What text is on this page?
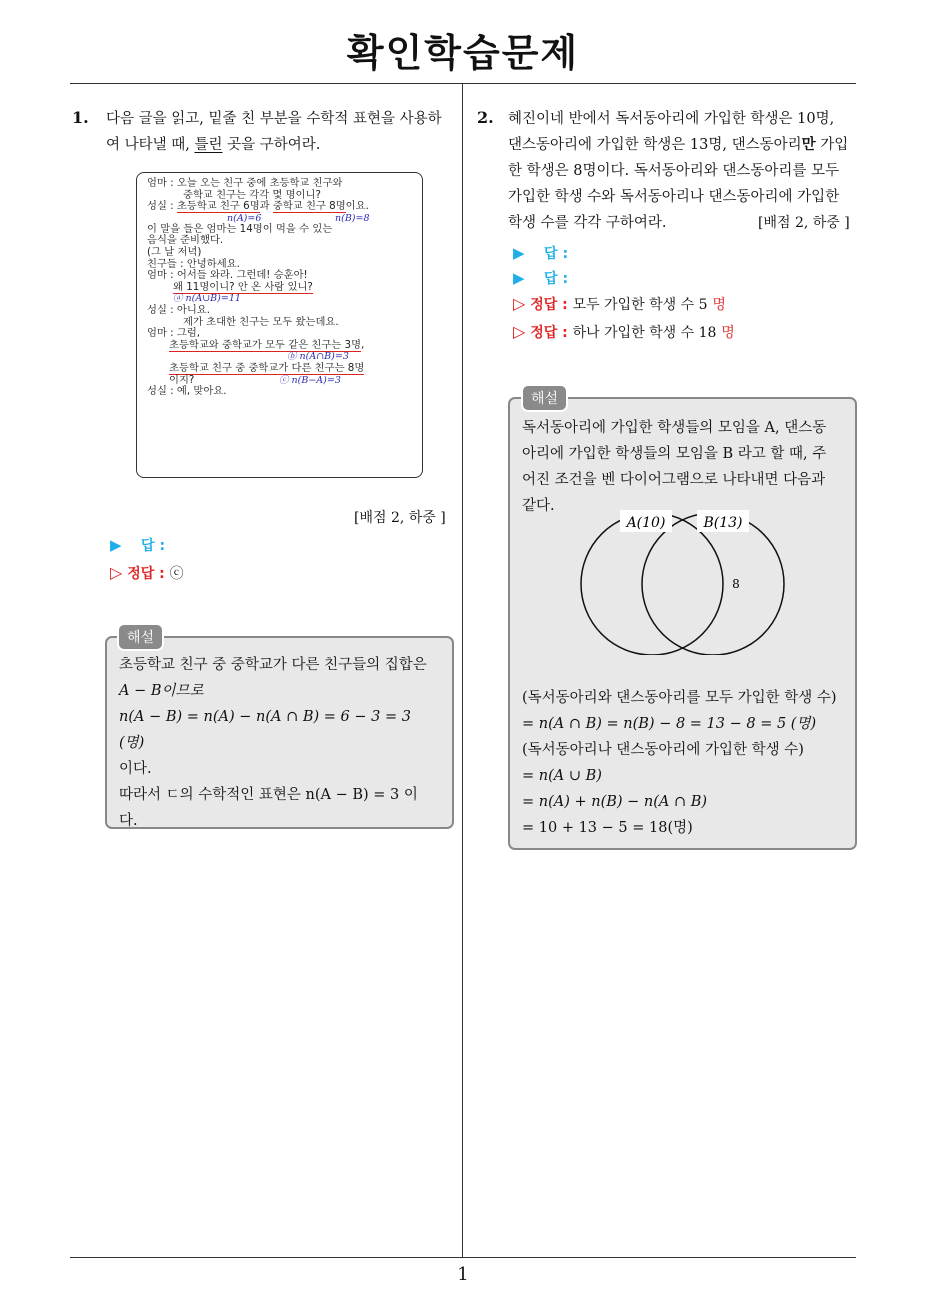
확인학습문제
1
1. 다음 글을 읽고, 밑줄 친 부분을 수학적 표현을 사용하

여 나타낼 때, 틀린 곳을 구하여라.

엄마 : 오늘 오는 친구 중에 초등학교 친구와
중학교 친구는 각각 몇 명이니?
성실 : 초등학교 친구 6명과 중학교 친구 8명이요.
n(A)=6	n(B)=8
이 말을 들은 엄마는 14명이 먹을 수 있는
음식을 준비했다.
(그 날 저녁)
친구들 : 안녕하세요.
엄마 : 어서들 와라. 그런데! 승훈아!
왜 11명이니? 안 온 사람 있니?
ⓐ n(A∪B)=11
성실 : 아니요.
제가 초대한 친구는 모두 왔는데요.
엄마 : 그럼,
초등학교와 중학교가 모두 같은 친구는 3명,
ⓑ n(A∩B)=3
초등학교 친구 중 중학교가 다른 친구는 8명
이지?	ⓒ n(B−A)=3
성실 : 예, 맞아요.
[배점 2, 하중 ]
▶ 답 :
▷ 정답 : ⓒ

초등학교 친구 중 중학교가 다른 친구들의 집합은

A − B이므로

n(A − B) = n(A) − n(A ∩ B) = 6 − 3 = 3 (명)

이다.

따라서 ㄷ의 수학적인 표현은 n(A − B) = 3 이

다.

해설
2. 혜진이네 반에서 독서동아리에 가입한 학생은 10명,

댄스동아리에 가입한 학생은 13명, 댄스동아리만 가입

한 학생은 8명이다. 독서동아리와 댄스동아리를 모두

가입한 학생 수와 독서동아리나 댄스동아리에 가입한

학생 수를 각각 구하여라.	[배점 2, 하중 ]
▶ 답 :
▶ 답 :
▷ 정답 : 모두 가입한 학생 수 5 명
▷ 정답 : 하나 가입한 학생 수 18 명

독서동아리에 가입한 학생들의 모임을 A, 댄스동

아리에 가입한 학생들의 모임을 B 라고 할 때, 주

어진 조건을 벤 다이어그램으로 나타내면 다음과

같다.

(독서동아리와 댄스동아리를 모두 가입한 학생 수)

= n(A ∩ B) = n(B) − 8 = 13 − 8 = 5 (명)

(독서동아리나 댄스동아리에 가입한 학생 수)

= n(A ∪ B)

= n(A) + n(B) − n(A ∩ B)

= 10 + 13 − 5 = 18(명)

해설
A(10)	B(13)
8
